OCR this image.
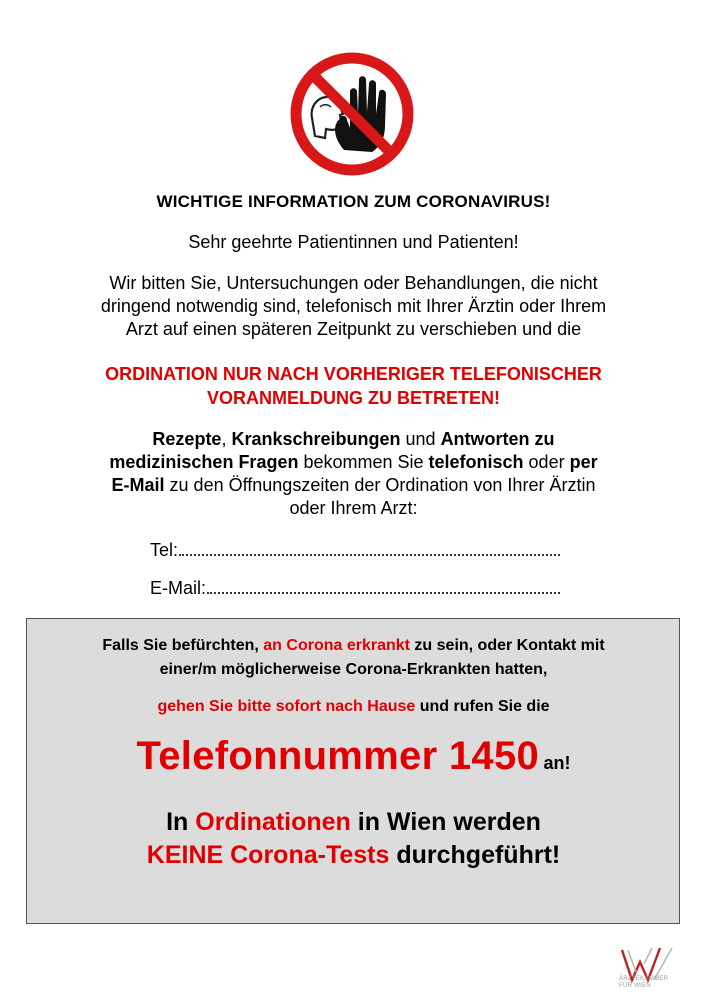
WICHTIGE INFORMATION ZUM CORONAVIRUS!
Sehr geehrte Patientinnen und Patienten!
Wir bitten Sie, Untersuchungen oder Behandlungen, die nicht
dringend notwendig sind, telefonisch mit Ihrer Ärztin oder Ihrem
Arzt auf einen späteren Zeitpunkt zu verschieben und die
ORDINATION NUR NACH VORHERIGER TELEFONISCHER
VORANMELDUNG ZU BETRETEN!
Rezepte, Krankschreibungen und Antworten zu
medizinischen Fragen bekommen Sie telefonisch oder per
E-Mail zu den Öffnungszeiten der Ordination von Ihrer Ärztin
oder Ihrem Arzt:
Tel:
E-Mail:
Falls Sie befürchten, an Corona erkrankt zu sein, oder Kontakt mit
einer/m möglicherweise Corona-Erkrankten hatten,
gehen Sie bitte sofort nach Hause und rufen Sie die
Telefonnummer 1450 an!
In Ordinationen in Wien werden
KEINE Corona-Tests durchgeführt!
ÄRZTEKAMMER
FÜR WIEN
